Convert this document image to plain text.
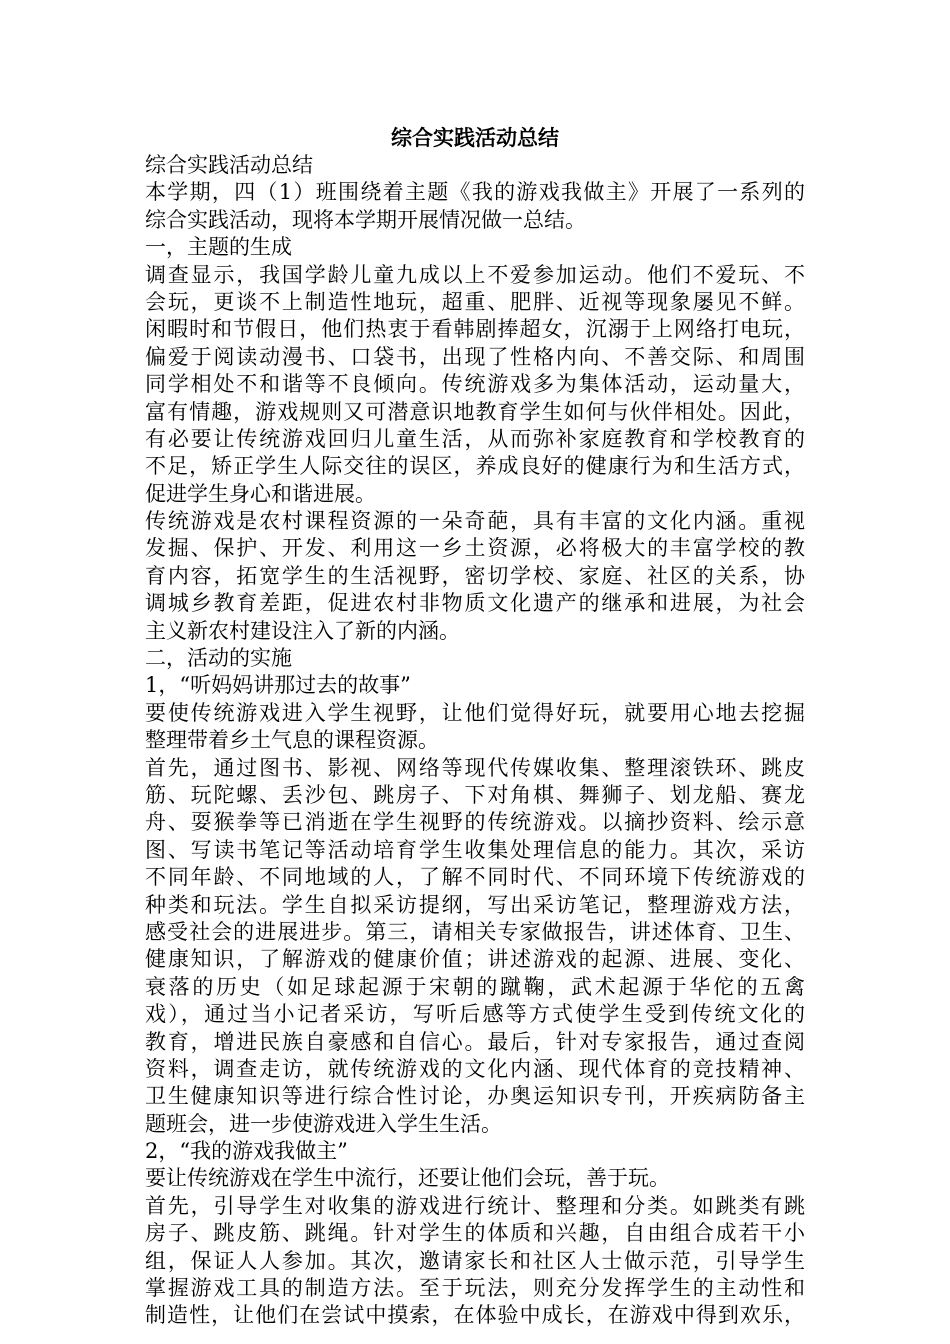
综合实践活动总结
综合实践活动总结
本学期，四（1）班围绕着主题《我的游戏我做主》开展了一系列的
综合实践活动，现将本学期开展情况做一总结。
一，主题的生成
调查显示，我国学龄儿童九成以上不爱参加运动。他们不爱玩、不
会玩，更谈不上制造性地玩，超重、肥胖、近视等现象屡见不鲜。
闲暇时和节假日，他们热衷于看韩剧捧超女，沉溺于上网络打电玩，
偏爱于阅读动漫书、口袋书，出现了性格内向、不善交际、和周围
同学相处不和谐等不良倾向。传统游戏多为集体活动，运动量大，
富有情趣，游戏规则又可潜意识地教育学生如何与伙伴相处。因此，
有必要让传统游戏回归儿童生活，从而弥补家庭教育和学校教育的
不足，矫正学生人际交往的误区，养成良好的健康行为和生活方式，
促进学生身心和谐进展。
传统游戏是农村课程资源的一朵奇葩，具有丰富的文化内涵。重视
发掘、保护、开发、利用这一乡土资源，必将极大的丰富学校的教
育内容，拓宽学生的生活视野，密切学校、家庭、社区的关系，协
调城乡教育差距，促进农村非物质文化遗产的继承和进展，为社会
主义新农村建设注入了新的内涵。
二，活动的实施
1，“听妈妈讲那过去的故事”
要使传统游戏进入学生视野，让他们觉得好玩，就要用心地去挖掘
整理带着乡土气息的课程资源。
首先，通过图书、影视、网络等现代传媒收集、整理滚铁环、跳皮
筋、玩陀螺、丢沙包、跳房子、下对角棋、舞狮子、划龙船、赛龙
舟、耍猴拳等已消逝在学生视野的传统游戏。以摘抄资料、绘示意
图、写读书笔记等活动培育学生收集处理信息的能力。其次，采访
不同年龄、不同地域的人，了解不同时代、不同环境下传统游戏的
种类和玩法。学生自拟采访提纲，写出采访笔记，整理游戏方法，
感受社会的进展进步。第三，请相关专家做报告，讲述体育、卫生、
健康知识，了解游戏的健康价值；讲述游戏的起源、进展、变化、
衰落的历史（如足球起源于宋朝的蹴鞠，武术起源于华佗的五禽
戏），通过当小记者采访，写听后感等方式使学生受到传统文化的
教育，增进民族自豪感和自信心。最后，针对专家报告，通过查阅
资料，调查走访，就传统游戏的文化内涵、现代体育的竞技精神、
卫生健康知识等进行综合性讨论，办奥运知识专刊，开疾病防备主
题班会，进一步使游戏进入学生生活。
2，“我的游戏我做主”
要让传统游戏在学生中流行，还要让他们会玩，善于玩。
首先，引导学生对收集的游戏进行统计、整理和分类。如跳类有跳
房子、跳皮筋、跳绳。针对学生的体质和兴趣，自由组合成若干小
组，保证人人参加。其次，邀请家长和社区人士做示范，引导学生
掌握游戏工具的制造方法。至于玩法，则充分发挥学生的主动性和
制造性，让他们在尝试中摸索，在体验中成长，在游戏中得到欢乐，
